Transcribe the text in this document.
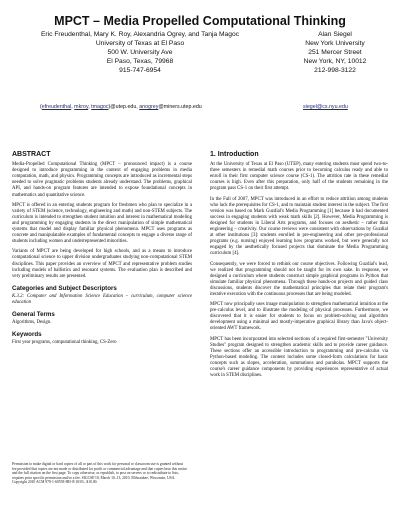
MPCT – Media Propelled Computational Thinking
Eric Freudenthal, Mary K. Roy, Alexandria Ogrey, and Tanja Magoc
University of Texas at El Paso
500 W. University Ave
El Paso, Texas, 79968
915-747-6954
Alan Siegel
New York University
251 Mercer Street
New York, NY, 10012
212-998-3122
(efreudenthal, mkroy, tmagoc)@utep.edu, anogrey@miners.utep.edu	siegel@cs.nyu.edu
ABSTRACT

Media-Propelled Computational Thinking (MPCT – pronounced impact) is a course designed to introduce programming in the context of engaging problems in media computation, math, and physics. Programming concepts are introduced as incremental steps needed to solve pragmatic problems students already understand. The problems, graphical API, and hands-on program features are intended to expose foundational concepts in mathematics and quantitative science.

MPCT is offered in an entering students program for freshmen who plan to specialize in a variety of STEM (science, technology, engineering and math) and non-STEM subjects. The curriculum is intended to strengthen student intuition and interest in mathematical modeling and programming by engaging students in the direct manipulation of simple mathematical systems that model and display familiar physical phenomena. MPCT uses programs as concrete and manipulatable examples of fundamental concepts to engage a diverse range of students including women and underrepresented minorities.

Variants of MPCT are being developed for high schools, and as a means to introduce computational science to upper division undergraduates studying non-computational STEM disciplines. This paper provides an overview of MPCT and representative problem studies including models of ballistics and resonant systems. The evaluation plan is described and very preliminary results are presented.

Categories and Subject Descriptors

K.3.2: Computer and Information Science Education – curriculum, computer science education

General Terms

Algorithms, Design.

Keywords

First year programs, computational thinking, CS-Zero

Permission to make digital or hard copies of all or part of this work for personal or classroom use is granted without fee provided that copies are not made or distributed for profit or commercial advantage and that copies bear this notice and the full citation on the first page. To copy otherwise, or republish, to post on servers or to redistribute to lists, requires prior specific permission and/or a fee. SIGCSE'10, March 10–13, 2010, Milwaukee, Wisconsin, USA. Copyright 2010 ACM 978-1-60558-885-8/10/03...$10.00.
1. Introduction

At the University of Texas at El Paso (UTEP), many entering students must spend two-to-three semesters in remedial math courses prior to becoming calculus ready and able to enroll in their first computer science course (CS-1). The attrition rate in these remedial courses is high. Even after this preparation, only half of the students remaining in the program pass CS-1 on their first attempt.

In the Fall of 2007, MPCT was introduced in an effort to reduce attrition among students who lack the prerequisites for CS-1, and to maintain student interest in the subject. The first version was based on Mark Guzdial's Media Programming [1] because it had documented success in engaging students with weak math skills [2]. However, Media Programming is designed for students in Liberal Arts programs, and focuses on aesthetic – rather than engineering – creativity. Our course reviews were consistent with observations by Guzdial at other institutions [3]: students enrolled in pre-engineering and other pre-professional programs (e.g. nursing) enjoyed learning how programs worked, but were generally not engaged by the aesthetically focused projects that dominate the Media Programming curriculum [4].

Consequently, we were forced to rethink our course objectives. Following Guzdial's lead, we realized that programming should not be taught for its own sake. In response, we designed a curriculum where students construct simple graphical programs in Python that simulate familiar physical phenomena. Through these hands-on projects and guided class discussions, students discover the mathematical principles that relate their program's iterative execution with the continuous processes that are being modeled.

MPCT now principally uses image manipulation to strengthen mathematical intuition at the pre-calculus level, and to illustrate the modeling of physical processes. Furthermore, we discovered that it is easier for students to focus on problem-solving and algorithm development using a minimal and mostly-imperative graphical library than Java's object-oriented AWT framework.

MPCT has been incorporated into selected sections of a required first-semester "University Studies" program designed to strengthen academic skills and to provide career guidance. These sections offer an accessible introduction to programming and pre-calculus via Python-based modeling. The content includes some closed-form calculations for basic concepts such as slopes, acceleration, summations and parabolas. MPCT supports the course's career guidance components by providing experiences representative of actual work in STEM disciplines.
